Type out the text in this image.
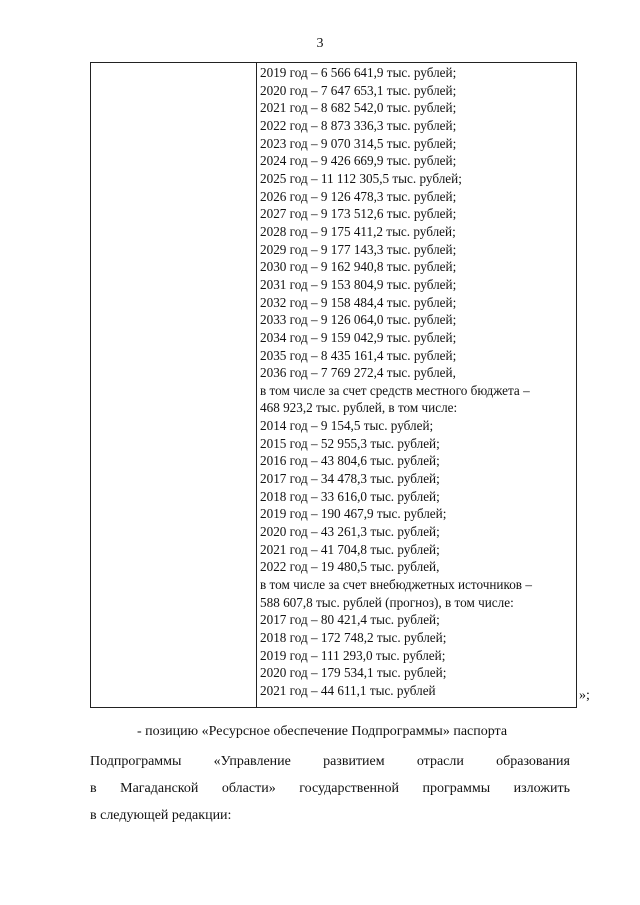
3
2019 год – 6 566 641,9 тыс. рублей;
2020 год – 7 647 653,1 тыс. рублей;
2021 год – 8 682 542,0 тыс. рублей;
2022 год – 8 873 336,3 тыс. рублей;
2023 год – 9 070 314,5 тыс. рублей;
2024 год – 9 426 669,9 тыс. рублей;
2025 год – 11 112 305,5 тыс. рублей;
2026 год – 9 126 478,3 тыс. рублей;
2027 год – 9 173 512,6 тыс. рублей;
2028 год – 9 175 411,2 тыс. рублей;
2029 год – 9 177 143,3 тыс. рублей;
2030 год – 9 162 940,8 тыс. рублей;
2031 год – 9 153 804,9 тыс. рублей;
2032 год – 9 158 484,4 тыс. рублей;
2033 год – 9 126 064,0 тыс. рублей;
2034 год – 9 159 042,9 тыс. рублей;
2035 год – 8 435 161,4 тыс. рублей;
2036 год – 7 769 272,4 тыс. рублей,
в том числе за счет средств местного бюджета –
468 923,2 тыс. рублей, в том числе:
2014 год – 9 154,5 тыс. рублей;
2015 год – 52 955,3 тыс. рублей;
2016 год – 43 804,6 тыс. рублей;
2017 год – 34 478,3 тыс. рублей;
2018 год – 33 616,0 тыс. рублей;
2019 год – 190 467,9 тыс. рублей;
2020 год – 43 261,3 тыс. рублей;
2021 год – 41 704,8 тыс. рублей;
2022 год – 19 480,5 тыс. рублей,
в том числе за счет внебюджетных источников –
588 607,8 тыс. рублей (прогноз), в том числе:
2017 год – 80 421,4 тыс. рублей;
2018 год – 172 748,2 тыс. рублей;
2019 год – 111 293,0 тыс. рублей;
2020 год – 179 534,1 тыс. рублей;
2021 год – 44 611,1 тыс. рублей	»;
- позицию «Ресурсное обеспечение Подпрограммы» паспорта
Подпрограммы «Управление развитием отрасли образования
в Магаданской области» государственной программы изложить
в следующей редакции:
